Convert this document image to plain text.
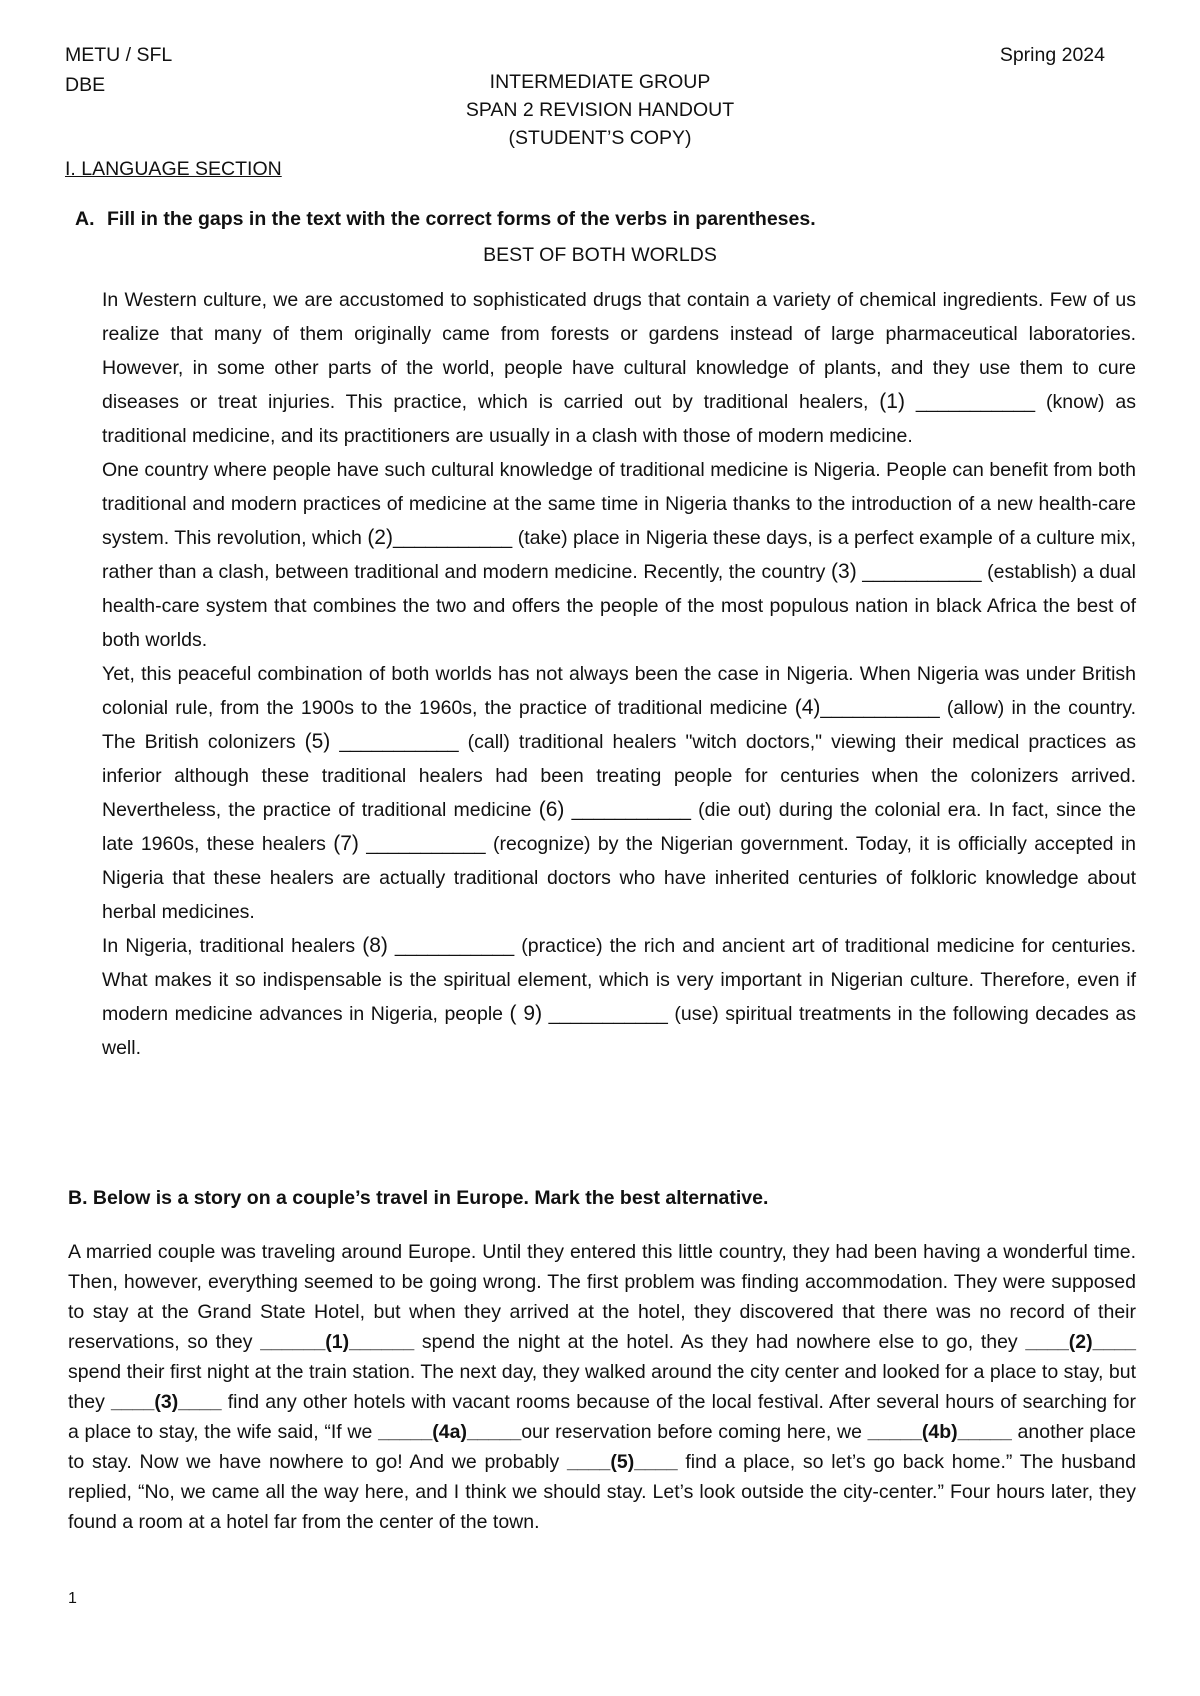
METU / SFL
DBE
Spring 2024
INTERMEDIATE GROUP
SPAN 2 REVISION HANDOUT
(STUDENT’S COPY)
I. LANGUAGE SECTION
A. Fill in the gaps in the text with the correct forms of the verbs in parentheses.
BEST OF BOTH WORLDS

In Western culture, we are accustomed to sophisticated drugs that contain a variety of chemical ingredients. Few of us realize that many of them originally came from forests or gardens instead of large pharmaceutical laboratories. However, in some other parts of the world, people have cultural knowledge of plants, and they use them to cure diseases or treat injuries. This practice, which is carried out by traditional healers, (1) ___________ (know) as traditional medicine, and its practitioners are usually in a clash with those of modern medicine.

One country where people have such cultural knowledge of traditional medicine is Nigeria. People can benefit from both traditional and modern practices of medicine at the same time in Nigeria thanks to the introduction of a new health-care system. This revolution, which (2)___________ (take) place in Nigeria these days, is a perfect example of a culture mix, rather than a clash, between traditional and modern medicine. Recently, the country (3) ___________ (establish) a dual health-care system that combines the two and offers the people of the most populous nation in black Africa the best of both worlds.

Yet, this peaceful combination of both worlds has not always been the case in Nigeria. When Nigeria was under British colonial rule, from the 1900s to the 1960s, the practice of traditional medicine (4)___________ (allow) in the country. The British colonizers (5) ___________ (call) traditional healers "witch doctors," viewing their medical practices as inferior although these traditional healers had been treating people for centuries when the colonizers arrived. Nevertheless, the practice of traditional medicine (6) ___________ (die out) during the colonial era. In fact, since the late 1960s, these healers (7) ___________ (recognize) by the Nigerian government. Today, it is officially accepted in Nigeria that these healers are actually traditional doctors who have inherited centuries of folkloric knowledge about herbal medicines.

In Nigeria, traditional healers (8) ___________ (practice) the rich and ancient art of traditional medicine for centuries. What makes it so indispensable is the spiritual element, which is very important in Nigerian culture. Therefore, even if modern medicine advances in Nigeria, people ( 9) ___________ (use) spiritual treatments in the following decades as well.

B. Below is a story on a couple’s travel in Europe. Mark the best alternative.

A married couple was traveling around Europe. Until they entered this little country, they had been having a wonderful time. Then, however, everything seemed to be going wrong. The first problem was finding accommodation. They were supposed to stay at the Grand State Hotel, but when they arrived at the hotel, they discovered that there was no record of their reservations, so they ______(1)______ spend the night at the hotel. As they had nowhere else to go, they ____(2)____ spend their first night at the train station. The next day, they walked around the city center and looked for a place to stay, but they ____(3)____ find any other hotels with vacant rooms because of the local festival. After several hours of searching for a place to stay, the wife said, “If we _____(4a)_____our reservation before coming here, we _____(4b)_____ another place to stay. Now we have nowhere to go! And we probably ____(5)____ find a place, so let’s go back home.” The husband replied, “No, we came all the way here, and I think we should stay. Let’s look outside the city-center.” Four hours later, they found a room at a hotel far from the center of the town.

1
